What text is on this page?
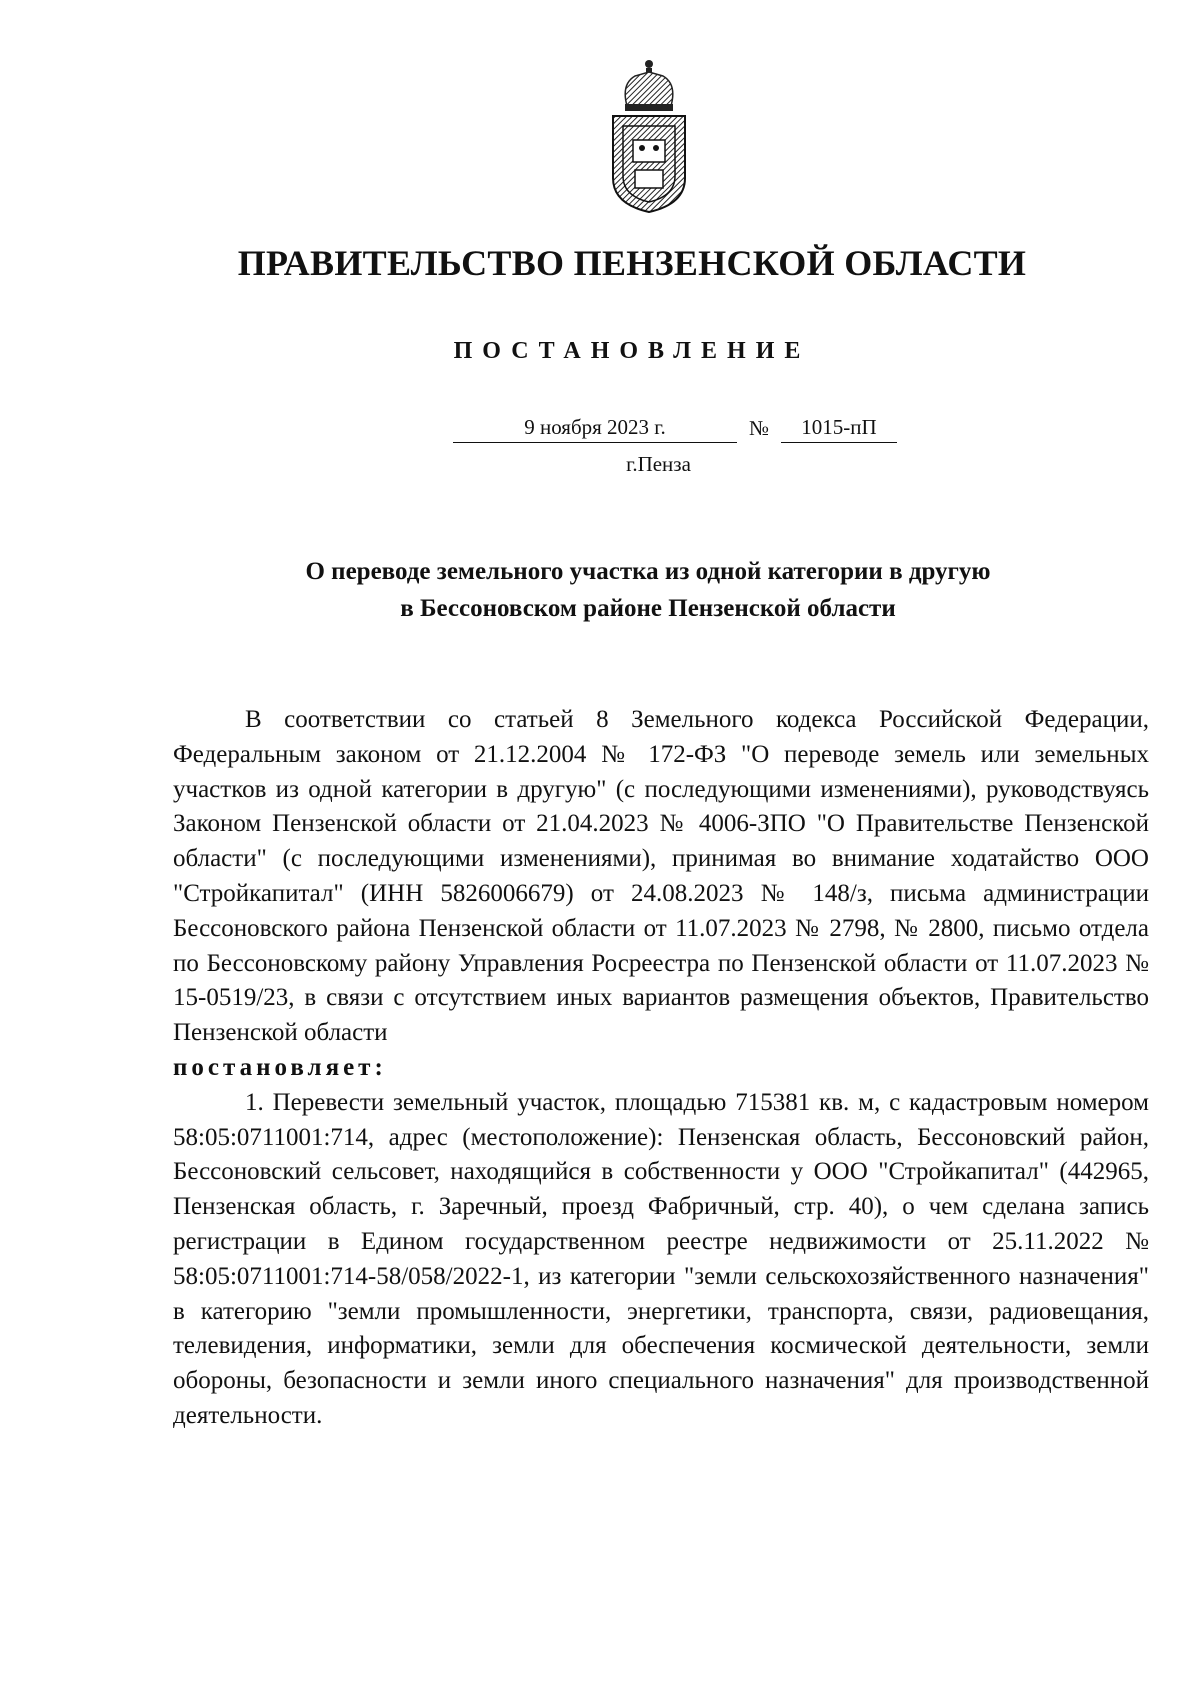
ПРАВИТЕЛЬСТВО ПЕНЗЕНСКОЙ ОБЛАСТИ
ПОСТАНОВЛЕНИЕ
9 ноября 2023 г.	№	1015-пП
г.Пенза
О переводе земельного участка из одной категории в другую
в Бессоновском районе Пензенской области

В соответствии со статьей 8 Земельного кодекса Российской Федерации, Федеральным законом от 21.12.2004 № 172-ФЗ "О переводе земель или земельных участков из одной категории в другую" (с последующими изменениями), руководствуясь Законом Пензенской области от 21.04.2023 № 4006-ЗПО "О Правительстве Пензенской области" (с последующими изменениями), принимая во внимание ходатайство ООО "Стройкапитал" (ИНН 5826006679) от 24.08.2023 № 148/з, письма администрации Бессоновского района Пензенской области от 11.07.2023 № 2798, № 2800, письмо отдела по Бессоновскому району Управления Росреестра по Пензенской области от 11.07.2023 № 15-0519/23, в связи с отсутствием иных вариантов размещения объектов, Правительство Пензенской области

постановляет:

1. Перевести земельный участок, площадью 715381 кв. м, с кадастровым номером 58:05:0711001:714, адрес (местоположение): Пензенская область, Бессоновский район, Бессоновский сельсовет, находящийся в собственности у ООО "Стройкапитал" (442965, Пензенская область, г. Заречный, проезд Фабричный, стр. 40), о чем сделана запись регистрации в Едином государственном реестре недвижимости от 25.11.2022 № 58:05:0711001:714-58/058/2022-1, из категории "земли сельскохозяйственного назначения" в категорию "земли промышленности, энергетики, транспорта, связи, радиовещания, телевидения, информатики, земли для обеспечения космической деятельности, земли обороны, безопасности и земли иного специального назначения" для производственной деятельности.
